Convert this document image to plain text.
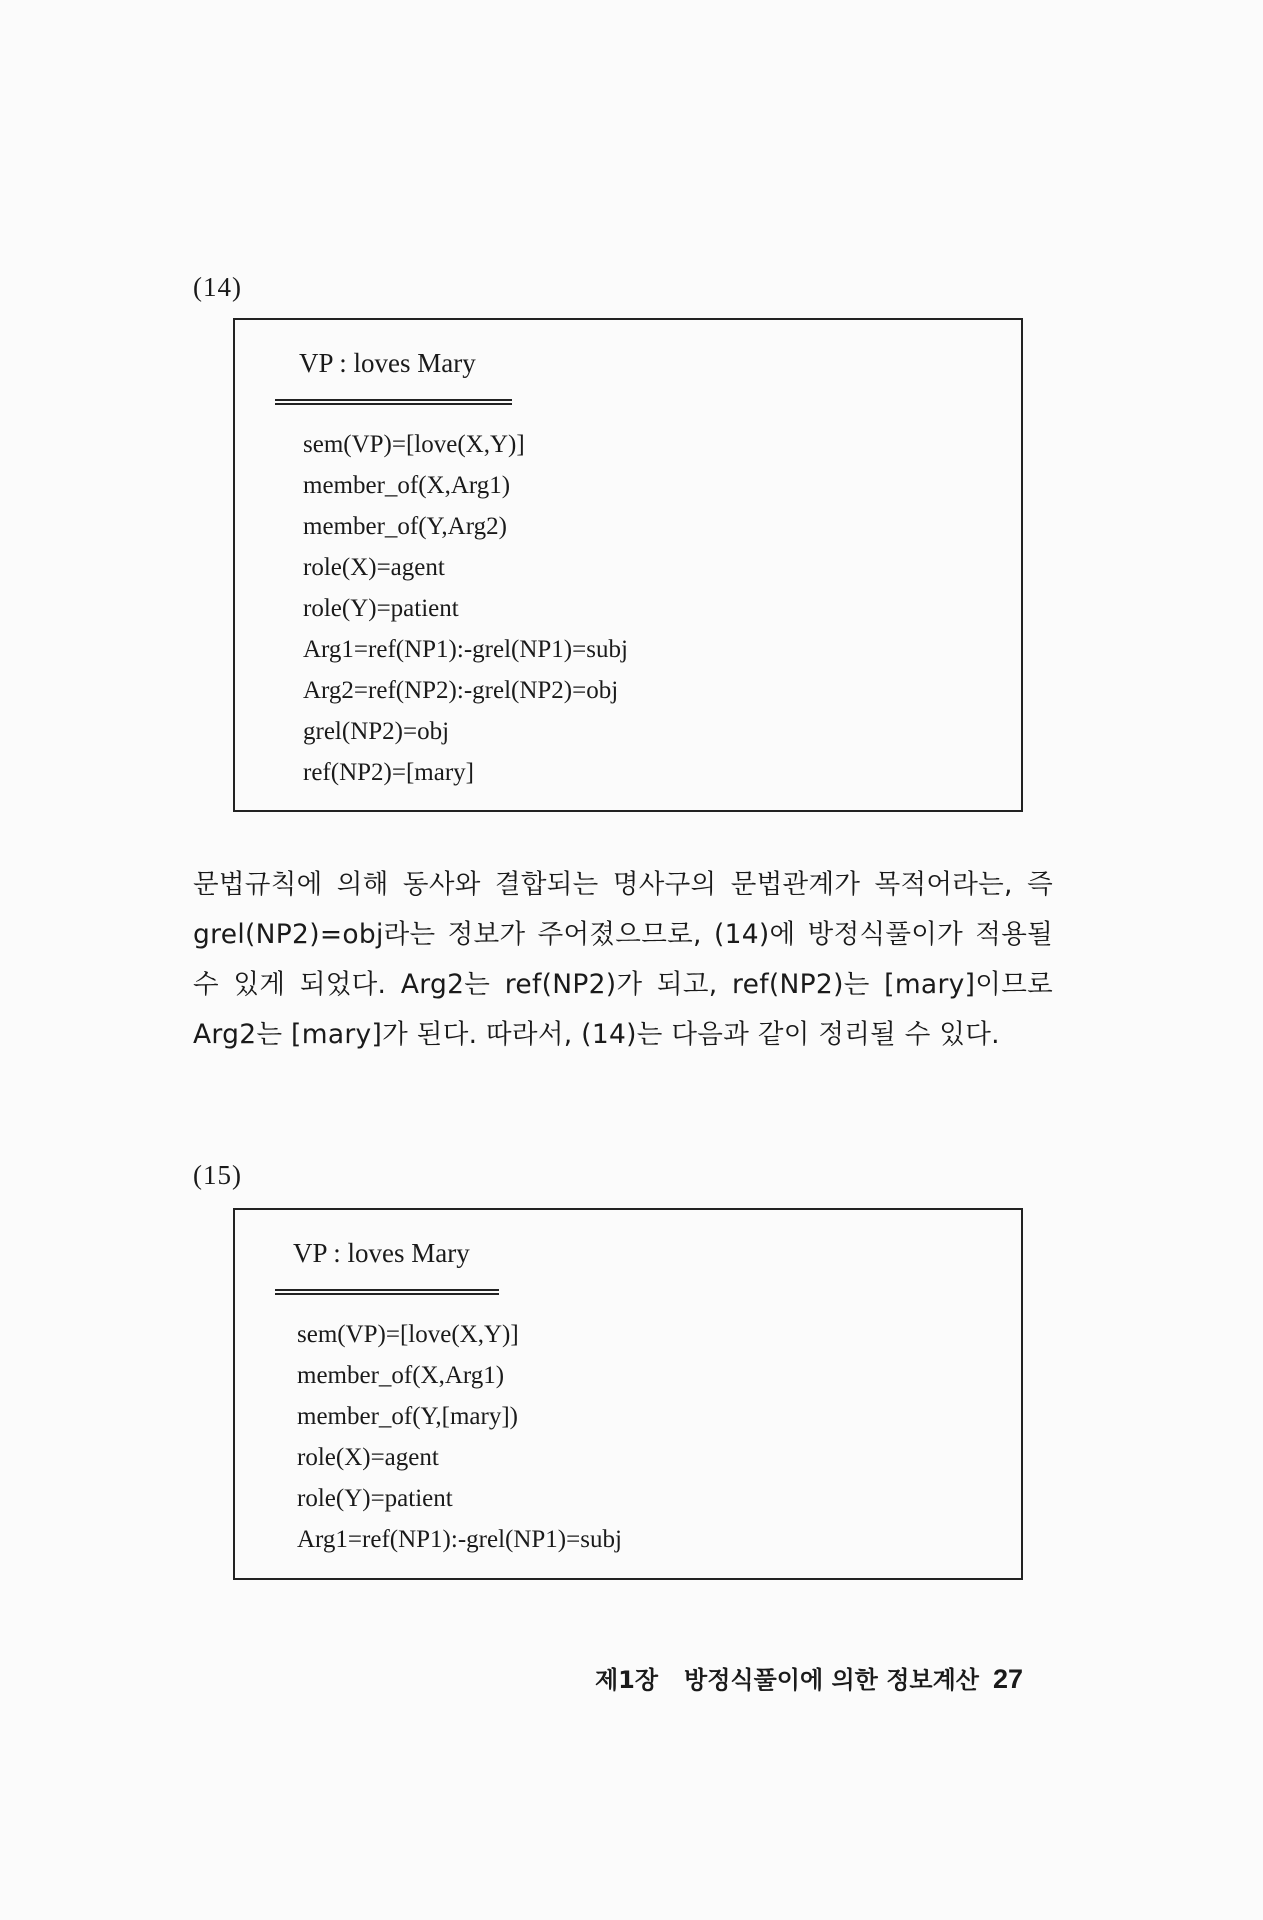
(14)
VP : loves Mary
sem(VP)=[love(X,Y)]
member_of(X,Arg1)
member_of(Y,Arg2)
role(X)=agent
role(Y)=patient
Arg1=ref(NP1):-grel(NP1)=subj
Arg2=ref(NP2):-grel(NP2)=obj
grel(NP2)=obj
ref(NP2)=[mary]

문법규칙에 의해 동사와 결합되는 명사구의 문법관계가 목적어라는, 즉 grel(NP2)=obj라는 정보가 주어졌으므로, (14)에 방정식풀이가 적용될 수 있게 되었다. Arg2는 ref(NP2)가 되고, ref(NP2)는 [mary]이므로 Arg2는 [mary]가 된다. 따라서, (14)는 다음과 같이 정리될 수 있다.

(15)
VP : loves Mary
sem(VP)=[love(X,Y)]
member_of(X,Arg1)
member_of(Y,[mary])
role(X)=agent
role(Y)=patient
Arg1=ref(NP1):-grel(NP1)=subj
제1장 방정식풀이에 의한 정보계산 27
